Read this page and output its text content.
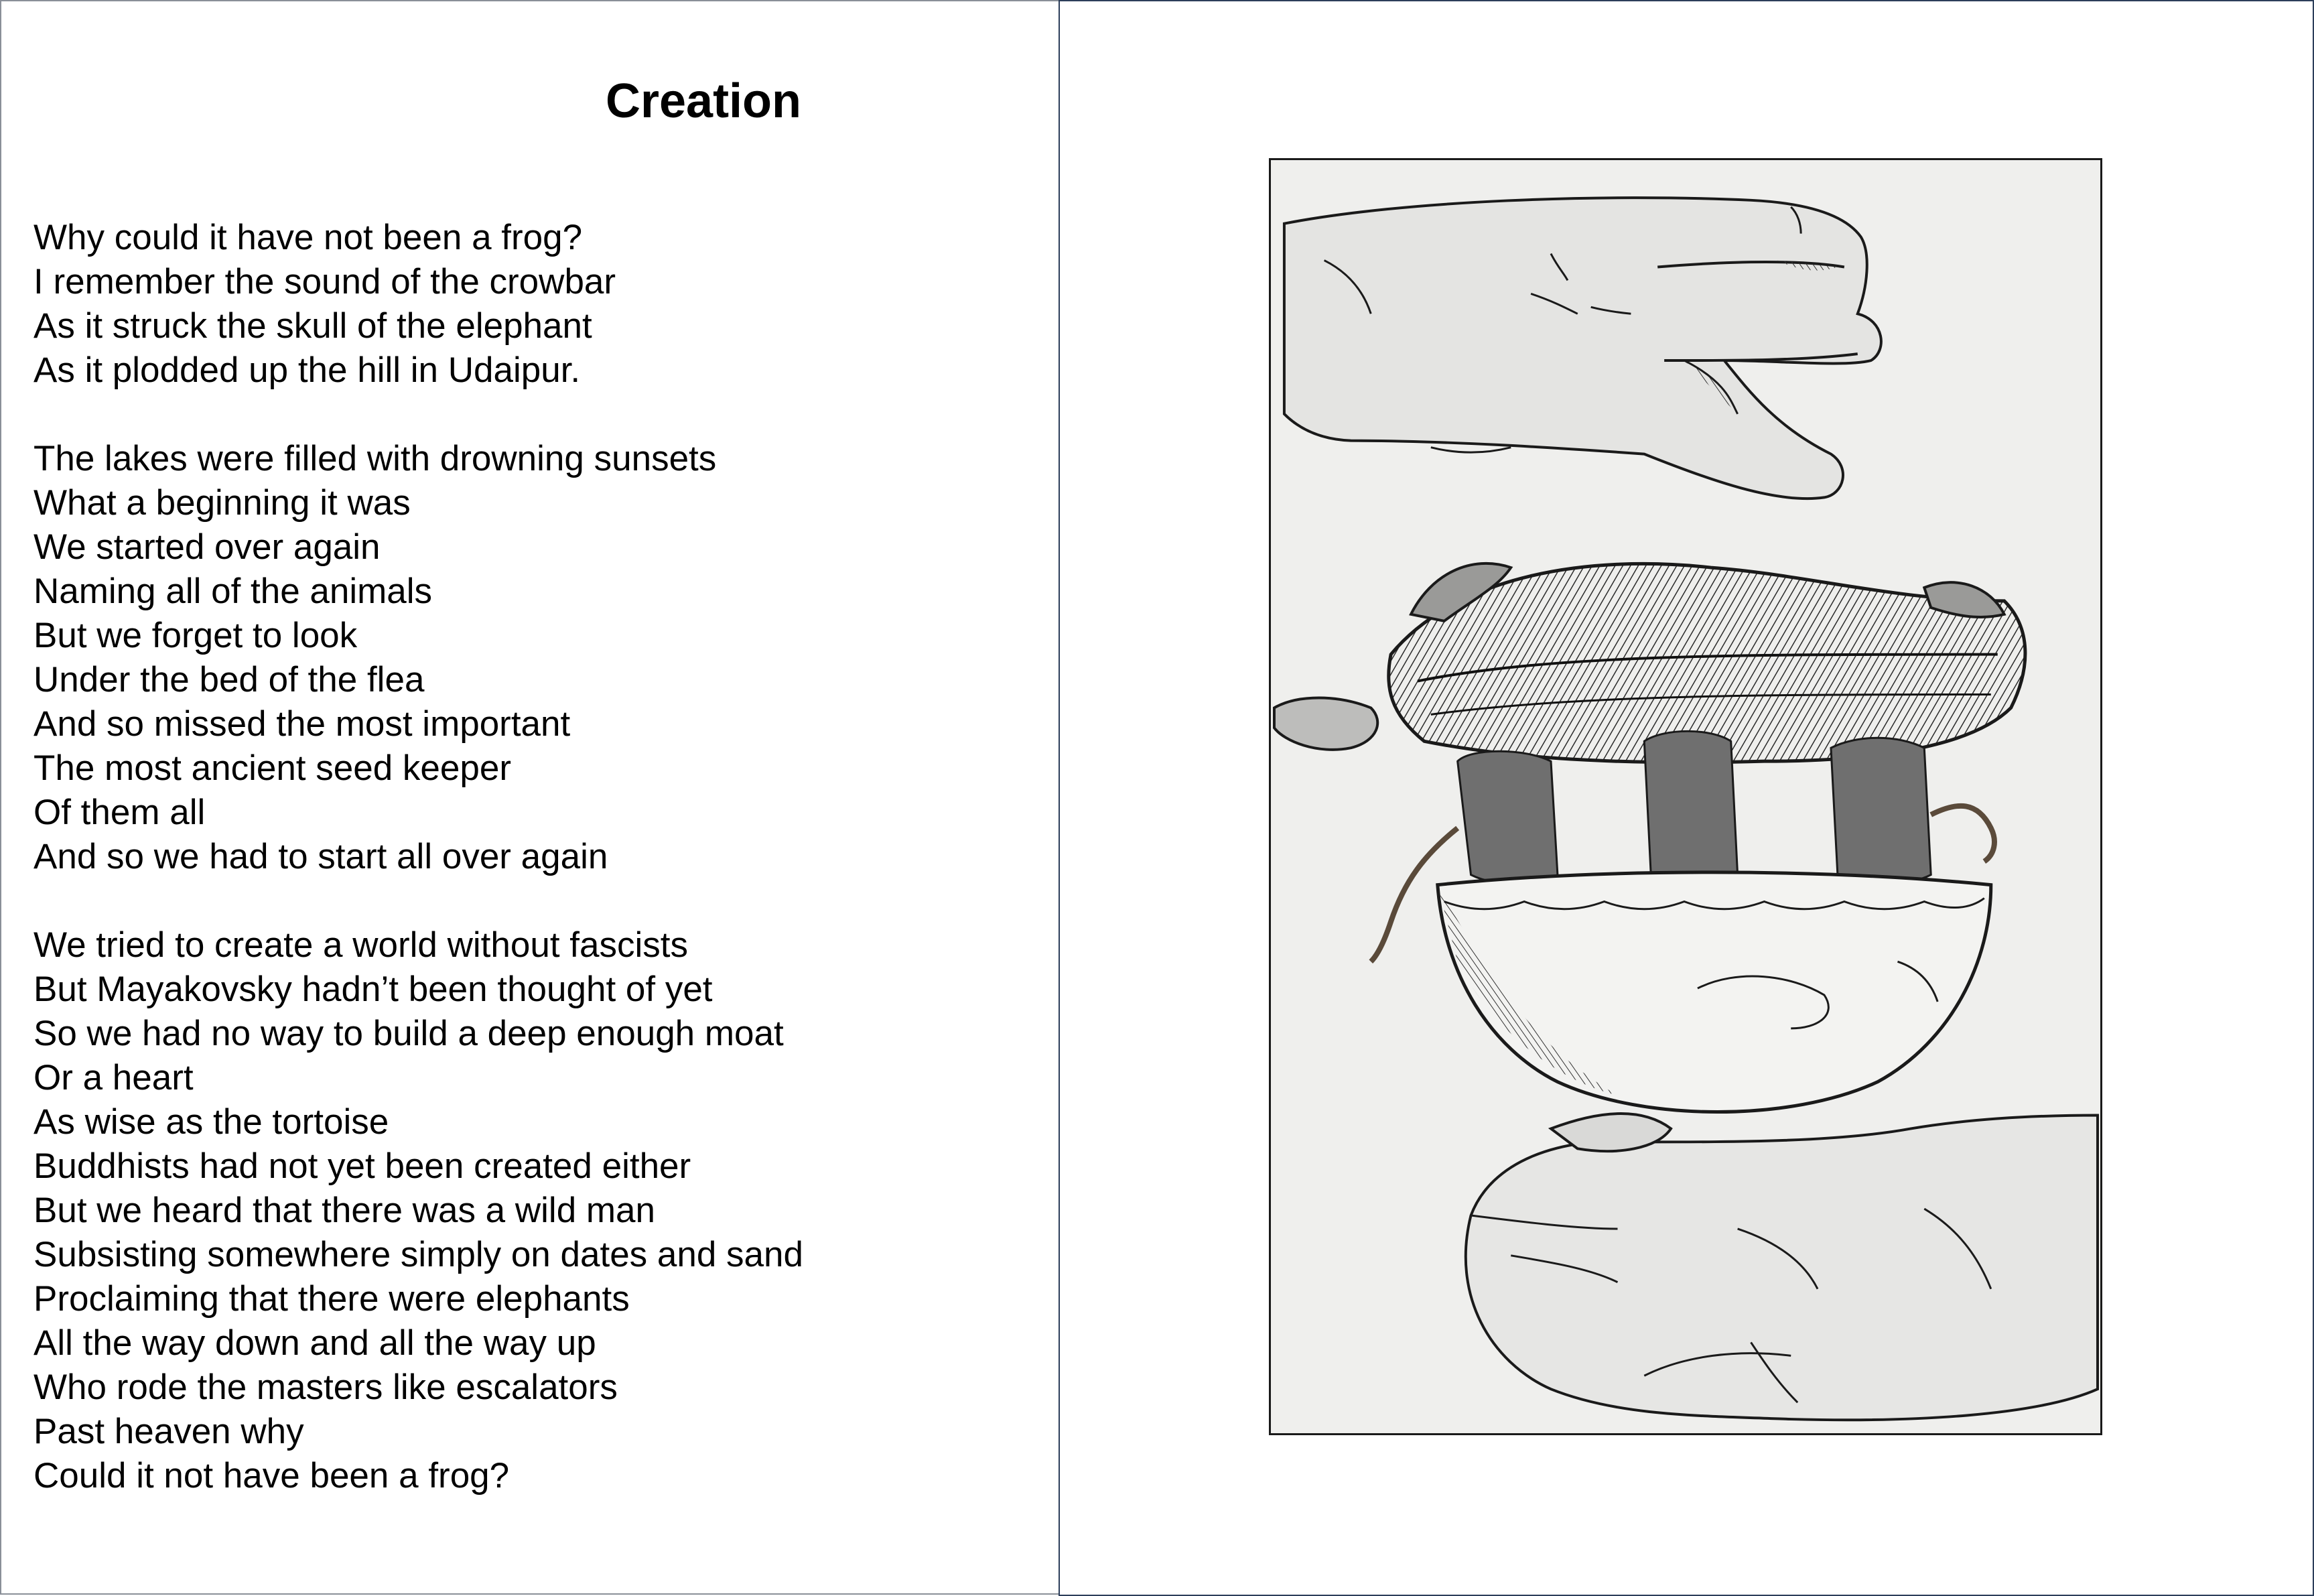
Creation
Why could it have not been a frog?
I remember the sound of the crowbar
As it struck the skull of the elephant
As it plodded up the hill in Udaipur.
The lakes were filled with drowning sunsets
What a beginning it was
We started over again
Naming all of the animals
But we forget to look
Under the bed of the flea
And so missed the most important
The most ancient seed keeper
Of them all
And so we had to start all over again
We tried to create a world without fascists
But Mayakovsky hadn’t been thought of yet
So we had no way to build a deep enough moat
Or a heart
As wise as the tortoise
Buddhists had not yet been created either
But we heard that there was a wild man
Subsisting somewhere simply on dates and sand
Proclaiming that there were elephants
All the way down and all the way up
Who rode the masters like escalators
Past heaven why
Could it not have been a frog?
